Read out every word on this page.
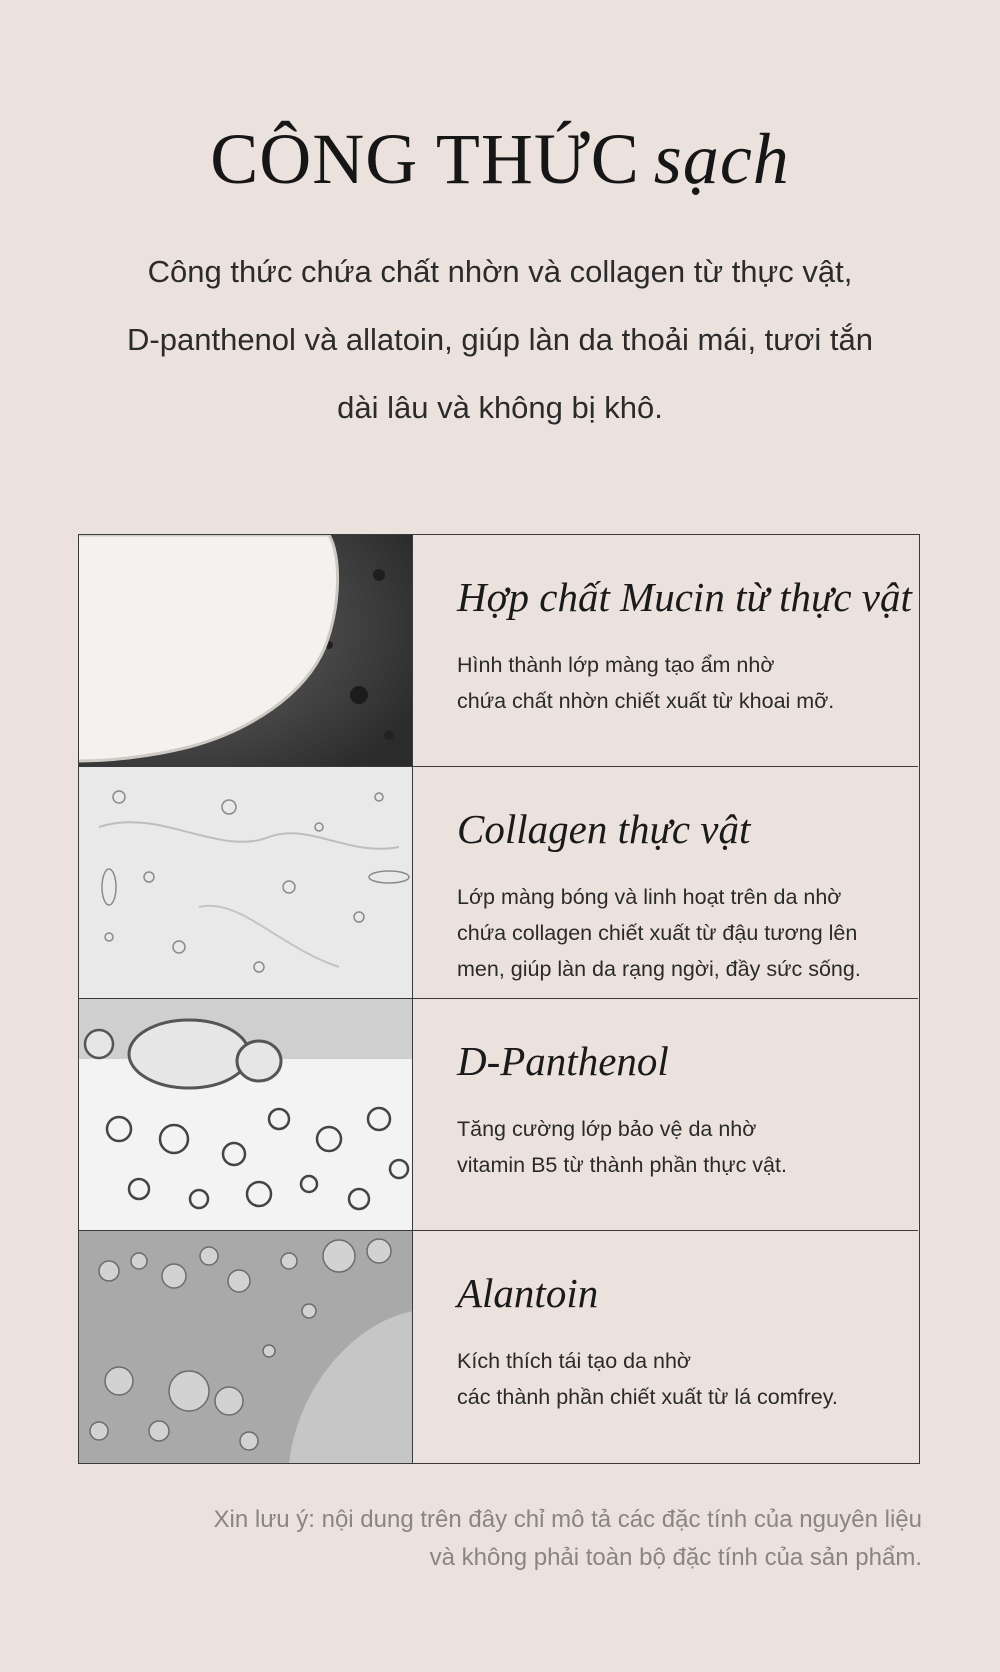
CÔNG THỨC sạch
Công thức chứa chất nhờn và collagen từ thực vật,
D-panthenol và allatoin, giúp làn da thoải mái, tươi tắn
dài lâu và không bị khô.
Hợp chất Mucin từ thực vật
Hình thành lớp màng tạo ẩm nhờ
chứa chất nhờn chiết xuất từ khoai mỡ.
Collagen thực vật
Lớp màng bóng và linh hoạt trên da nhờ
chứa collagen chiết xuất từ đậu tương lên
men, giúp làn da rạng ngời, đầy sức sống.
D-Panthenol
Tăng cường lớp bảo vệ da nhờ
vitamin B5 từ thành phần thực vật.
Alantoin
Kích thích tái tạo da nhờ
các thành phần chiết xuất từ lá comfrey.
Xin lưu ý: nội dung trên đây chỉ mô tả các đặc tính của nguyên liệu
và không phải toàn bộ đặc tính của sản phẩm.
